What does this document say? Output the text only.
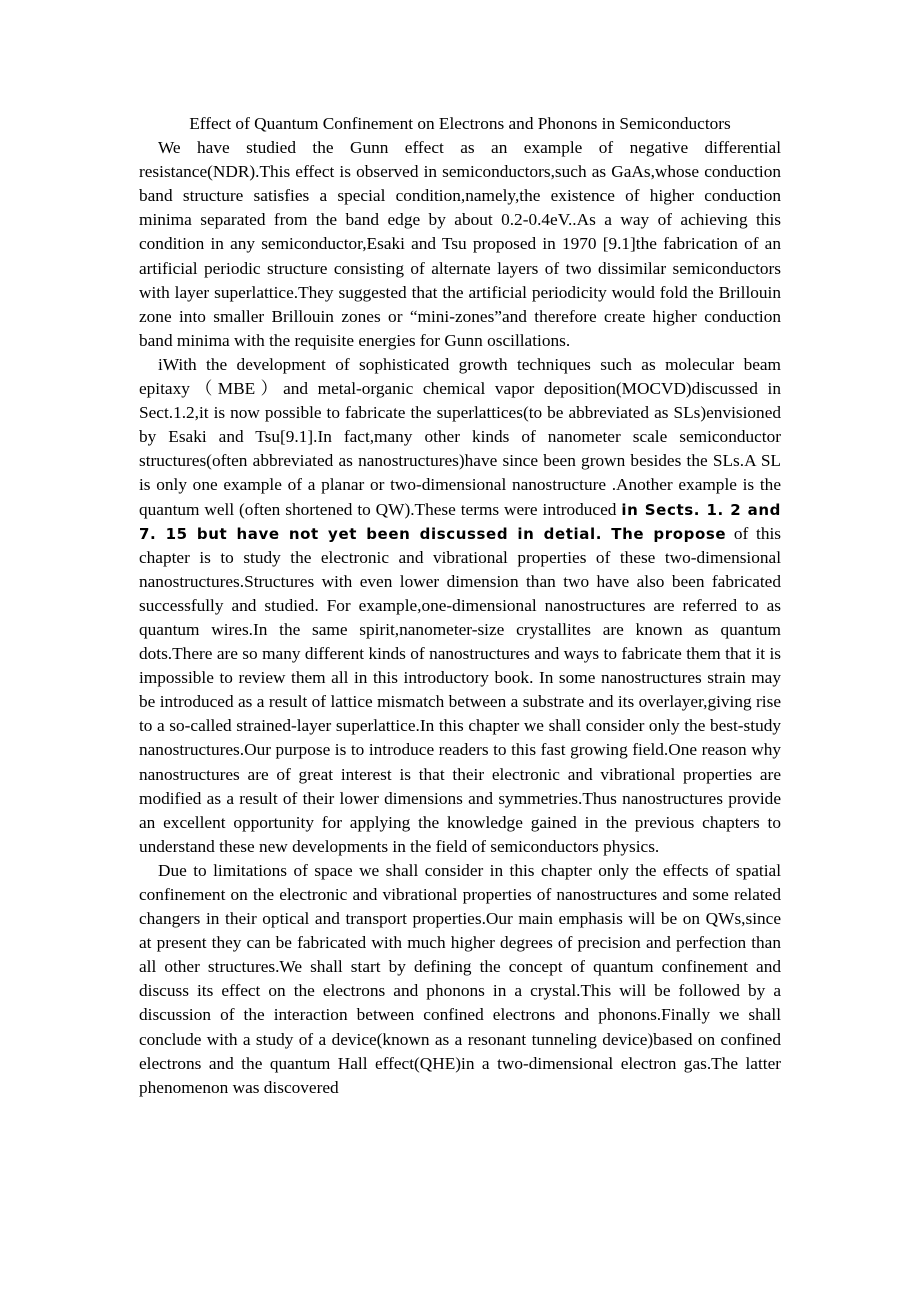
Effect of Quantum Confinement on Electrons and Phonons in Semiconductors

We have studied the Gunn effect as an example of negative differential resistance(NDR).This effect is observed in semiconductors,such as GaAs,whose conduction band structure satisfies a special condition,namely,the existence of higher conduction minima separated from the band edge by about 0.2-0.4eV..As a way of achieving this condition in any semiconductor,Esaki and Tsu proposed in 1970 [9.1]the fabrication of an artificial periodic structure consisting of alternate layers of two dissimilar semiconductors with layer superlattice.They suggested that the artificial periodicity would fold the Brillouin zone into smaller Brillouin zones or “mini-zones”and therefore create higher conduction band minima with the requisite energies for Gunn oscillations.

iWith the development of sophisticated growth techniques such as molecular beam epitaxy（MBE）and metal-organic chemical vapor deposition(MOCVD)discussed in Sect.1.2,it is now possible to fabricate the superlattices(to be abbreviated as SLs)envisioned by Esaki and Tsu[9.1].In fact,many other kinds of nanometer scale semiconductor structures(often abbreviated as nanostructures)have since been grown besides the SLs.A SL is only one example of a planar or two-dimensional nanostructure .Another example is the quantum well (often shortened to QW).These terms were introduced in Sects. 1. 2 and 7. 15 but have not yet been discussed in detial. The propose of this chapter is to study the electronic and vibrational properties of these two-dimensional nanostructures.Structures with even lower dimension than two have also been fabricated successfully and studied. For example,one-dimensional nanostructures are referred to as quantum wires.In the same spirit,nanometer-size crystallites are known as quantum dots.There are so many different kinds of nanostructures and ways to fabricate them that it is impossible to review them all in this introductory book. In some nanostructures strain may be introduced as a result of lattice mismatch between a substrate and its overlayer,giving rise to a so-called strained-layer superlattice.In this chapter we shall consider only the best-study nanostructures.Our purpose is to introduce readers to this fast growing field.One reason why nanostructures are of great interest is that their electronic and vibrational properties are modified as a result of their lower dimensions and symmetries.Thus nanostructures provide an excellent opportunity for applying the knowledge gained in the previous chapters to understand these new developments in the field of semiconductors physics.

Due to limitations of space we shall consider in this chapter only the effects of spatial confinement on the electronic and vibrational properties of nanostructures and some related changers in their optical and transport properties.Our main emphasis will be on QWs,since at present they can be fabricated with much higher degrees of precision and perfection than all other structures.We shall start by defining the concept of quantum confinement and discuss its effect on the electrons and phonons in a crystal.This will be followed by a discussion of the interaction between confined electrons and phonons.Finally we shall conclude with a study of a device(known as a resonant tunneling device)based on confined electrons and the quantum Hall effect(QHE)in a two-dimensional electron gas.The latter phenomenon was discovered
